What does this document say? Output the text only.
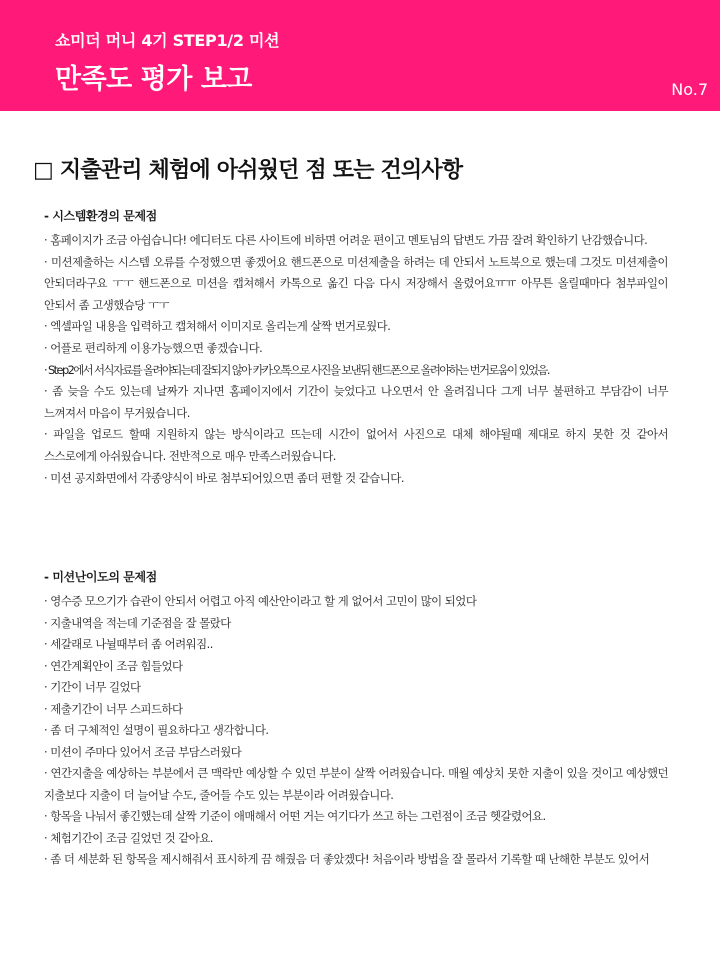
쇼미더 머니 4기 STEP1/2 미션
만족도 평가 보고	No.7
□ 지출관리 체험에 아쉬웠던 점 또는 건의사항
- 시스템환경의 문제점
· 홈페이지가 조금 아쉽습니다! 에디터도 다른 사이트에 비하면 어려운 편이고 멘토님의 답변도 가끔 잘려 확인하기 난감했습니다.
· 미션제출하는 시스템 오류를 수정했으면 좋겠어요 핸드폰으로 미션제출을 하려는 데 안되서 노트북으로 했는데 그것도 미션제출이 안되더라구요 ㅜㅜ 핸드폰으로 미션을 캡쳐해서 카톡으로 옮긴 다음 다시 저장해서 올렸어요ㅠㅠ 아무튼 올릴때마다 첨부파일이 안되서 좀 고생했슴당 ㅜㅜ
· 엑셀파일 내용을 입력하고 캡쳐해서 이미지로 올리는게 살짝 번거로웠다.
· 어플로 편리하게 이용가능했으면 좋겠습니다.
· Step2에서 서식자료를 올려야되는데 잘되지 않아 카카오톡으로 사진을 보낸뒤 핸드폰으로 올려야하는 번거로움이 있었음.
· 좀 늦을 수도 있는데 날짜가 지나면 홈페이지에서 기간이 늦었다고 나오면서 안 올려집니다 그게 너무 불편하고 부담감이 너무 느껴져서 마음이 무거웠습니다.
· 파일을 업로드 할때 지원하지 않는 방식이라고 뜨는데 시간이 없어서 사진으로 대체 해야될때 제대로 하지 못한 것 같아서 스스로에게 아쉬웠습니다. 전반적으로 매우 만족스러웠습니다.
· 미션 공지화면에서 각종양식이 바로 첨부되어있으면 좀더 편할 것 같습니다.
- 미션난이도의 문제점
· 영수증 모으기가 습관이 안되서 어렵고 아직 예산안이라고 할 게 없어서 고민이 많이 되었다
· 지출내역을 적는데 기준점을 잘 몰랐다
· 세갈래로 나뉠때부터 좀 어려워짐..
· 연간계획안이 조금 힘들었다
· 기간이 너무 길었다
· 제출기간이 너무 스피드하다
· 좀 더 구체적인 설명이 필요하다고 생각합니다.
· 미션이 주마다 있어서 조금 부담스러웠다
· 연간지출을 예상하는 부분에서 큰 맥락만 예상할 수 있던 부분이 살짝 어려웠습니다. 매월 예상치 못한 지출이 있을 것이고 예상했던 지출보다 지출이 더 늘어날 수도, 줄어들 수도 있는 부분이라 어려웠습니다.
· 항목을 나눠서 좋긴했는데 살짝 기준이 애매해서 어떤 거는 여기다가 쓰고 하는 그런점이 조금 헷갈렸어요.
· 체험기간이 조금 길었던 것 같아요.
· 좀 더 세분화 된 항목을 제시해줘서 표시하게 끔 해줬음 더 좋았겠다! 처음이라 방법을 잘 몰라서 기록할 때 난해한 부분도 있어서
